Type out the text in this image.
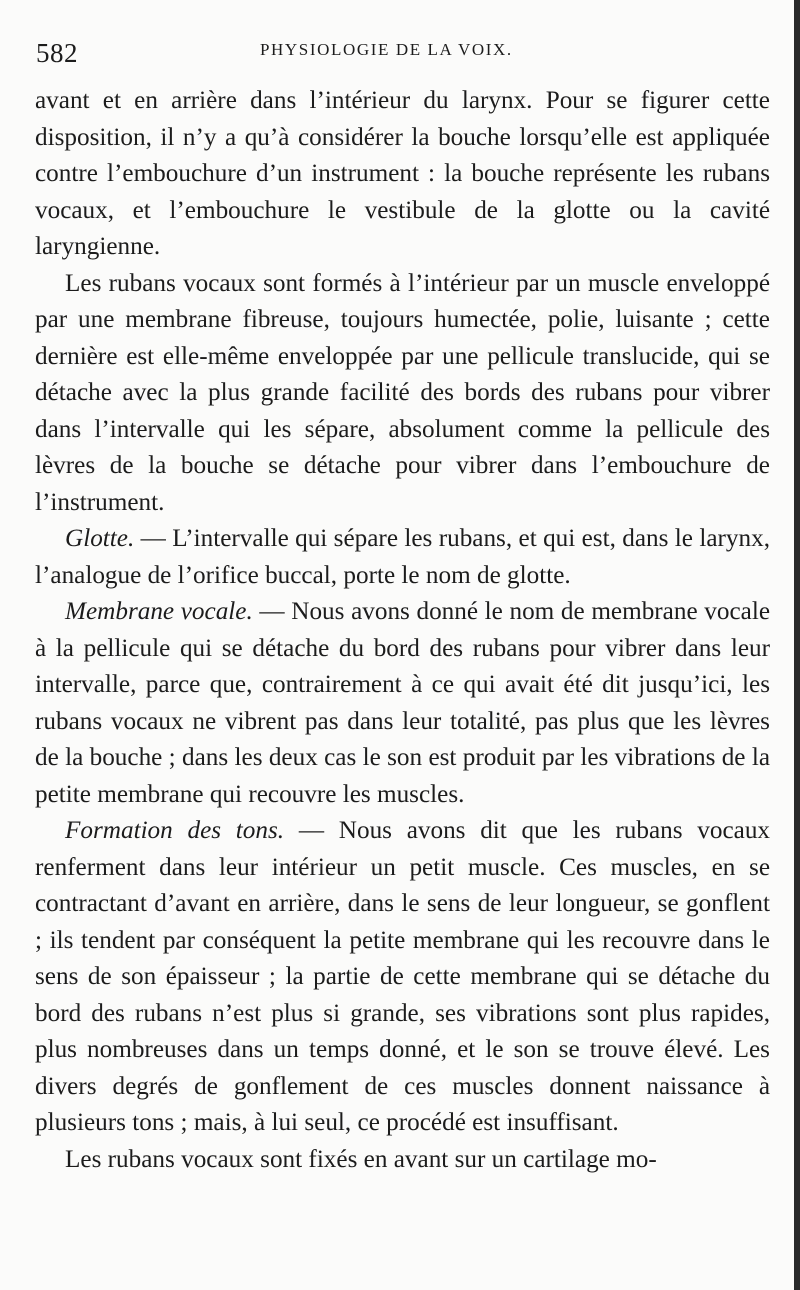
582	PHYSIOLOGIE DE LA VOIX.

avant et en arrière dans l’intérieur du larynx. Pour se figurer cette disposition, il n’y a qu’à considérer la bouche lorsqu’elle est appliquée contre l’embouchure d’un instrument : la bouche représente les rubans vocaux, et l’embouchure le vestibule de la glotte ou la cavité laryngienne.

Les rubans vocaux sont formés à l’intérieur par un muscle enveloppé par une membrane fibreuse, toujours humectée, polie, luisante ; cette dernière est elle-même enveloppée par une pellicule translucide, qui se détache avec la plus grande facilité des bords des rubans pour vibrer dans l’intervalle qui les sépare, absolument comme la pellicule des lèvres de la bouche se détache pour vibrer dans l’embouchure de l’instrument.

Glotte. — L’intervalle qui sépare les rubans, et qui est, dans le larynx, l’analogue de l’orifice buccal, porte le nom de glotte.

Membrane vocale. — Nous avons donné le nom de membrane vocale à la pellicule qui se détache du bord des rubans pour vibrer dans leur intervalle, parce que, contrairement à ce qui avait été dit jusqu’ici, les rubans vocaux ne vibrent pas dans leur totalité, pas plus que les lèvres de la bouche ; dans les deux cas le son est produit par les vibrations de la petite membrane qui recouvre les muscles.

Formation des tons. — Nous avons dit que les rubans vocaux renferment dans leur intérieur un petit muscle. Ces muscles, en se contractant d’avant en arrière, dans le sens de leur longueur, se gonflent ; ils tendent par conséquent la petite membrane qui les recouvre dans le sens de son épaisseur ; la partie de cette membrane qui se détache du bord des rubans n’est plus si grande, ses vibrations sont plus rapides, plus nombreuses dans un temps donné, et le son se trouve élevé. Les divers degrés de gonflement de ces muscles donnent naissance à plusieurs tons ; mais, à lui seul, ce procédé est insuffisant.

Les rubans vocaux sont fixés en avant sur un cartilage mo-
